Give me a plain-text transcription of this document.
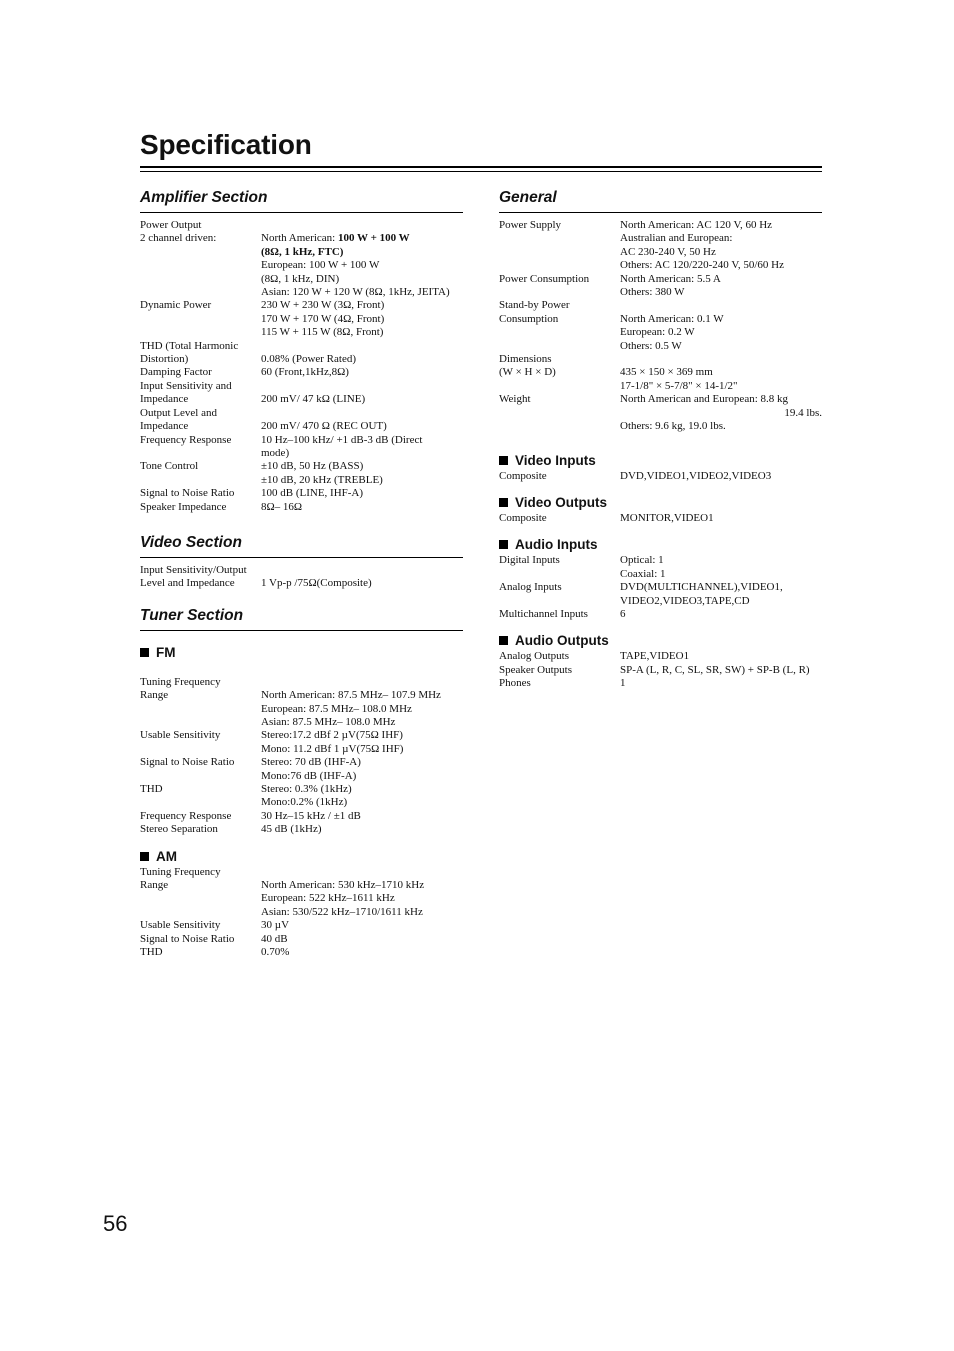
Specification
Amplifier Section
Power Output	
2 channel driven:	North American: 100 W + 100 W
	(8Ω, 1 kHz, FTC)
	European: 100 W + 100 W
	(8Ω, 1 kHz, DIN)
	Asian: 120 W + 120 W (8Ω, 1kHz, JEITA)
Dynamic Power	230 W + 230 W (3Ω, Front)
	170 W + 170 W (4Ω, Front)
	115 W + 115 W (8Ω, Front)
THD (Total Harmonic	
Distortion)	0.08% (Power Rated)
Damping Factor	60 (Front,1kHz,8Ω)
Input Sensitivity and	
Impedance	200 mV/ 47 kΩ (LINE)
Output Level and	
Impedance	200 mV/ 470 Ω (REC OUT)
Frequency Response	10 Hz–100 kHz/ +1 dB-3 dB (Direct
	mode)
Tone Control	±10 dB, 50 Hz (BASS)
	±10 dB, 20 kHz (TREBLE)
Signal to Noise Ratio	100 dB (LINE, IHF-A)
Speaker Impedance	8Ω– 16Ω
Video Section
Input Sensitivity/Output	
Level and Impedance	1 Vp-p /75Ω(Composite)
Tuner Section
FM
Tuning Frequency	
Range	North American: 87.5 MHz– 107.9 MHz
	European: 87.5 MHz– 108.0 MHz
	Asian: 87.5 MHz– 108.0 MHz
Usable Sensitivity	Stereo:17.2 dBf 2 µV(75Ω IHF)
	Mono: 11.2 dBf 1 µV(75Ω IHF)
Signal to Noise Ratio	Stereo: 70 dB (IHF-A)
	Mono:76 dB (IHF-A)
THD	Stereo: 0.3% (1kHz)
	Mono:0.2% (1kHz)
Frequency Response	30 Hz–15 kHz / ±1 dB
Stereo Separation	45 dB (1kHz)
AM
Tuning Frequency	
Range	North American: 530 kHz–1710 kHz
	European: 522 kHz–1611 kHz
	Asian: 530/522 kHz–1710/1611 kHz
Usable Sensitivity	30 µV
Signal to Noise Ratio	40 dB
THD	0.70%
General
Power Supply	North American: AC 120 V, 60 Hz
	Australian and European:
	AC 230-240 V, 50 Hz
	Others: AC 120/220-240 V, 50/60 Hz
Power Consumption	North American: 5.5 A
	Others: 380 W
Stand-by Power	
Consumption	North American: 0.1 W
	European: 0.2 W
	Others: 0.5 W
Dimensions	
(W × H × D)	435 × 150 × 369 mm
	17-1/8" × 5-7/8" × 14-1/2"
Weight	North American and European: 8.8 kg
	19.4 lbs.
	Others: 9.6 kg, 19.0 lbs.
Video Inputs
Composite	DVD,VIDEO1,VIDEO2,VIDEO3
Video Outputs
Composite	MONITOR,VIDEO1
Audio Inputs
Digital Inputs	Optical: 1
	Coaxial: 1
Analog Inputs	DVD(MULTICHANNEL),VIDEO1,
	VIDEO2,VIDEO3,TAPE,CD
Multichannel Inputs	6
Audio Outputs
Analog Outputs	TAPE,VIDEO1
Speaker Outputs	SP-A (L, R, C, SL, SR, SW) + SP-B (L, R)
Phones	1
56
